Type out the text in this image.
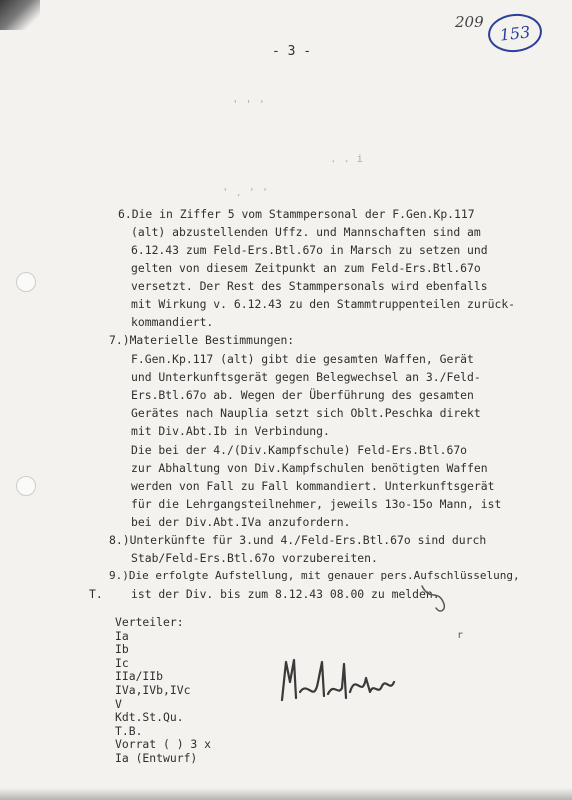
209 153
- 3 -
' ' '
. . i
' . ' '
6.Die in Ziffer 5 vom Stammpersonal der F.Gen.Kp.117
(alt) abzustellenden Uffz. und Mannschaften sind am
6.12.43 zum Feld-Ers.Btl.67o in Marsch zu setzen und
gelten von diesem Zeitpunkt an zum Feld-Ers.Btl.67o
versetzt. Der Rest des Stammpersonals wird ebenfalls
mit Wirkung v. 6.12.43 zu den Stammtruppenteilen zurück-
kommandiert.
7.)Materielle Bestimmungen:
F.Gen.Kp.117 (alt) gibt die gesamten Waffen, Gerät
und Unterkunftsgerät gegen Belegwechsel an 3./Feld-
Ers.Btl.67o ab. Wegen der Überführung des gesamten
Gerätes nach Nauplia setzt sich Oblt.Peschka direkt
mit Div.Abt.Ib in Verbindung.
Die bei der 4./(Div.Kampfschule) Feld-Ers.Btl.67o
zur Abhaltung von Div.Kampfschulen benötigten Waffen
werden von Fall zu Fall kommandiert. Unterkunftsgerät
für die Lehrgangsteilnehmer, jeweils 13o-15o Mann, ist
bei der Div.Abt.IVa anzufordern.
8.)Unterkünfte für 3.und 4./Feld-Ers.Btl.67o sind durch
Stab/Feld-Ers.Btl.67o vorzubereiten.
9.)Die erfolgte Aufstellung, mit genauer pers.Aufschlüsselung,
ist der Div. bis zum 8.12.43 08.00 zu melden.
T.
Verteiler:
Ia
Ib
Ic
IIa/IIb
IVa,IVb,IVc
V
Kdt.St.Qu.
T.B.
Vorrat ( ) 3 x
Ia (Entwurf)
r
